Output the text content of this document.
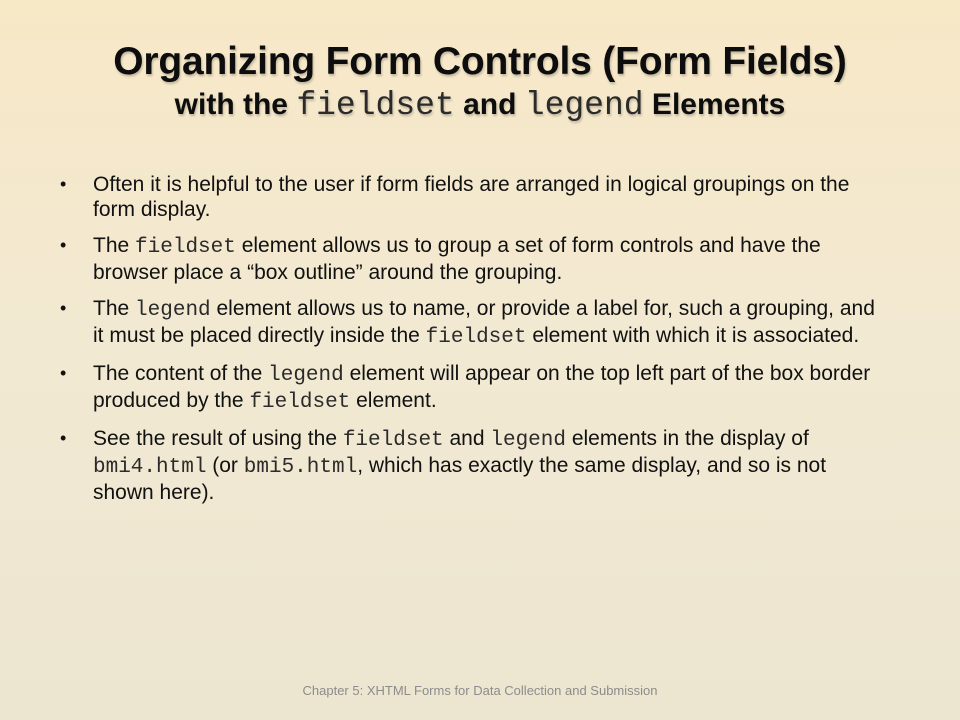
Organizing Form Controls (Form Fields)
with the fieldset and legend Elements
• Often it is helpful to the user if form fields are arranged in logical groupings on the form display.
• The fieldset element allows us to group a set of form controls and have the browser place a “box outline” around the grouping.
• The legend element allows us to name, or provide a label for, such a grouping, and it must be placed directly inside the fieldset element with which it is associated.
• The content of the legend element will appear on the top left part of the box border produced by the fieldset element.
• See the result of using the fieldset and legend elements in the display of bmi4.html (or bmi5.html, which has exactly the same display, and so is not shown here).
Chapter 5: XHTML Forms for Data Collection and Submission
